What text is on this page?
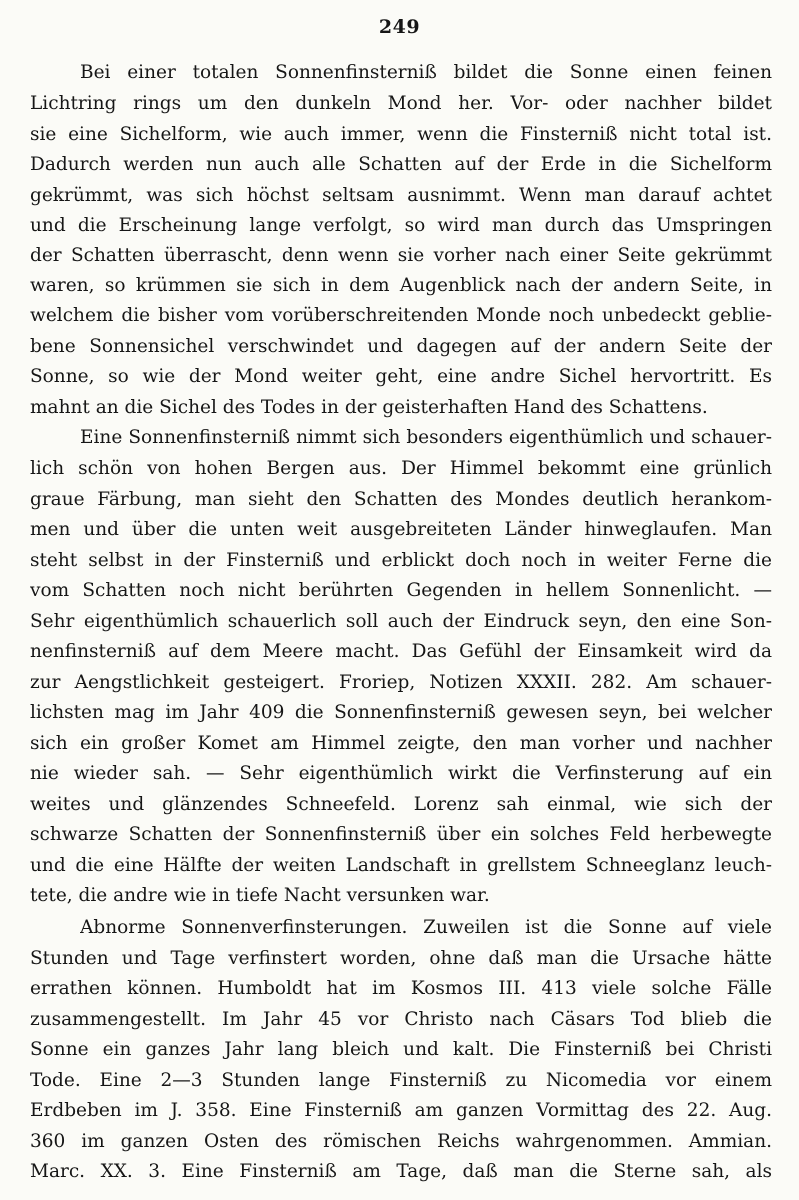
249
Bei einer totalen Sonnenfinsterniß bildet die Sonne einen feinen
Lichtring rings um den dunkeln Mond her. Vor- oder nachher bildet
sie eine Sichelform, wie auch immer, wenn die Finsterniß nicht total ist.
Dadurch werden nun auch alle Schatten auf der Erde in die Sichelform
gekrümmt, was sich höchst seltsam ausnimmt. Wenn man darauf achtet
und die Erscheinung lange verfolgt, so wird man durch das Umspringen
der Schatten überrascht, denn wenn sie vorher nach einer Seite gekrümmt
waren, so krümmen sie sich in dem Augenblick nach der andern Seite, in
welchem die bisher vom vorüberschreitenden Monde noch unbedeckt geblie-
bene Sonnensichel verschwindet und dagegen auf der andern Seite der
Sonne, so wie der Mond weiter geht, eine andre Sichel hervortritt. Es
mahnt an die Sichel des Todes in der geisterhaften Hand des Schattens.
Eine Sonnenfinsterniß nimmt sich besonders eigenthümlich und schauer-
lich schön von hohen Bergen aus. Der Himmel bekommt eine grünlich
graue Färbung, man sieht den Schatten des Mondes deutlich herankom-
men und über die unten weit ausgebreiteten Länder hinweglaufen. Man
steht selbst in der Finsterniß und erblickt doch noch in weiter Ferne die
vom Schatten noch nicht berührten Gegenden in hellem Sonnenlicht. —
Sehr eigenthümlich schauerlich soll auch der Eindruck seyn, den eine Son-
nenfinsterniß auf dem Meere macht. Das Gefühl der Einsamkeit wird da
zur Aengstlichkeit gesteigert. Froriep, Notizen XXXII. 282. Am schauer-
lichsten mag im Jahr 409 die Sonnenfinsterniß gewesen seyn, bei welcher
sich ein großer Komet am Himmel zeigte, den man vorher und nachher
nie wieder sah. — Sehr eigenthümlich wirkt die Verfinsterung auf ein
weites und glänzendes Schneefeld. Lorenz sah einmal, wie sich der
schwarze Schatten der Sonnenfinsterniß über ein solches Feld herbewegte
und die eine Hälfte der weiten Landschaft in grellstem Schneeglanz leuch-
tete, die andre wie in tiefe Nacht versunken war.
Abnorme Sonnenverfinsterungen. Zuweilen ist die Sonne auf viele
Stunden und Tage verfinstert worden, ohne daß man die Ursache hätte
errathen können. Humboldt hat im Kosmos III. 413 viele solche Fälle
zusammengestellt. Im Jahr 45 vor Christo nach Cäsars Tod blieb die
Sonne ein ganzes Jahr lang bleich und kalt. Die Finsterniß bei Christi
Tode. Eine 2—3 Stunden lange Finsterniß zu Nicomedia vor einem
Erdbeben im J. 358. Eine Finsterniß am ganzen Vormittag des 22. Aug.
360 im ganzen Osten des römischen Reichs wahrgenommen. Ammian.
Marc. XX. 3. Eine Finsterniß am Tage, daß man die Sterne sah, als
